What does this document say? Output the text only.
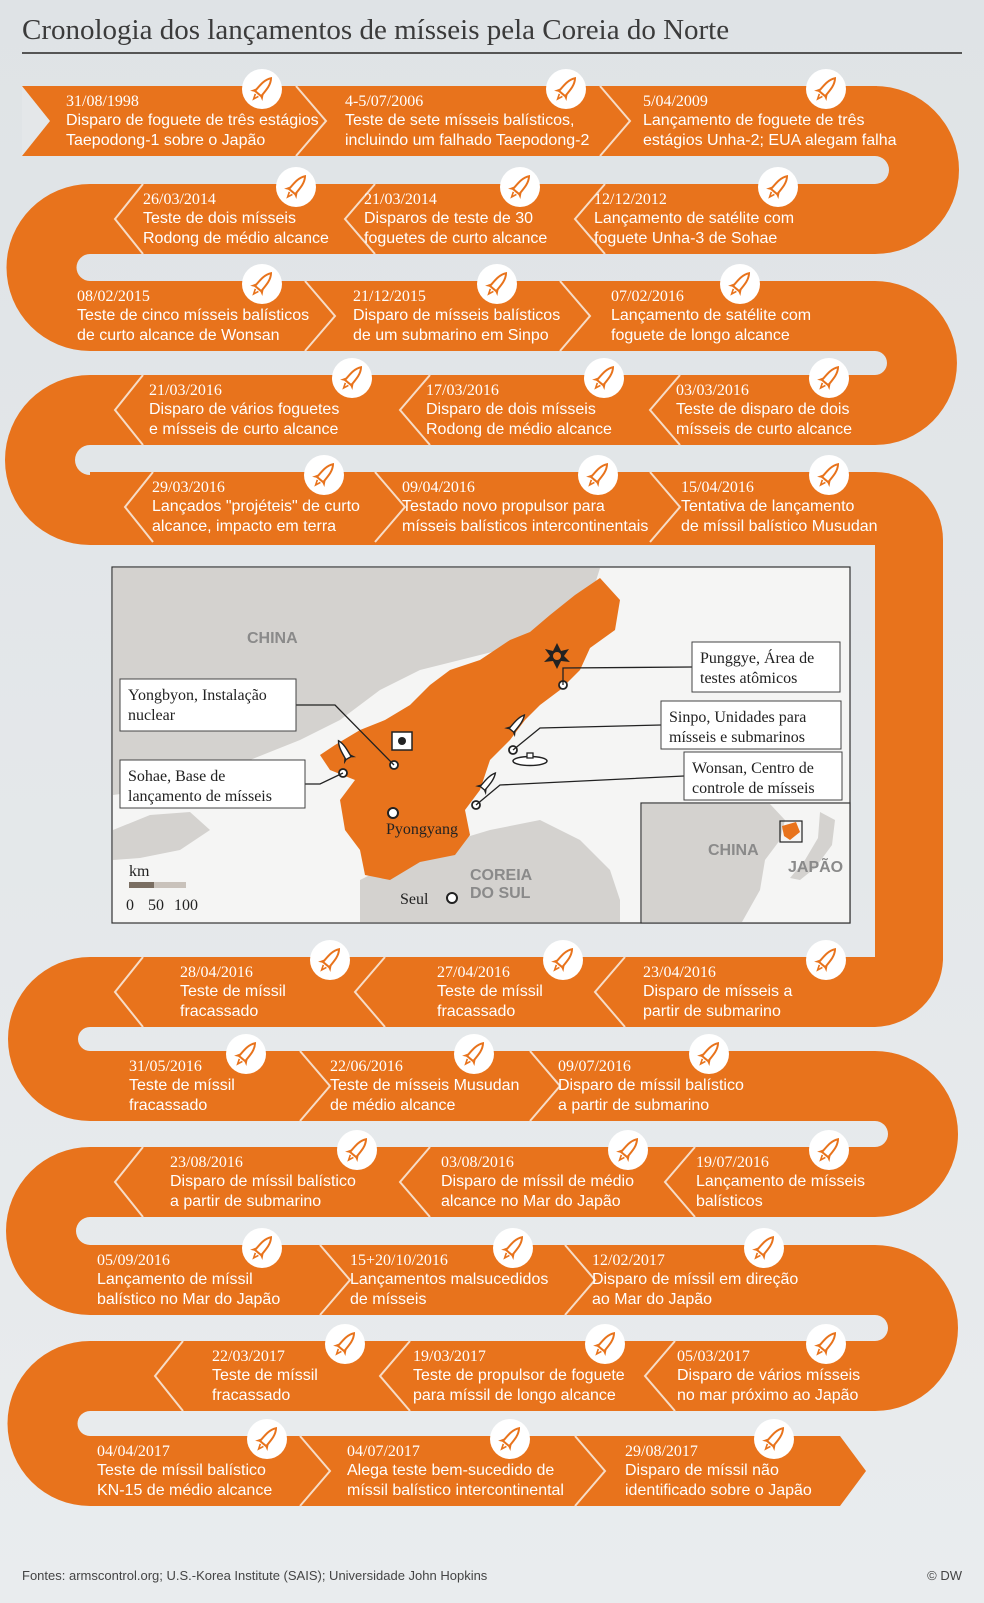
Cronologia dos lançamentos de mísseis pela Coreia do Norte
CHINA
COREIA
DO SUL
Pyongyang
Seul
Yongbyon, Instalação
nuclear
Sohae, Base de
lançamento de mísseis
Punggye, Área de
testes atômicos
Sinpo, Unidades para
mísseis e submarinos
Wonsan, Centro de
controle de mísseis
km
0 50 100
CHINA
JAPÃO
31/08/1998
Disparo de foguete de três estágios
Taepodong-1 sobre o Japão
4-5/07/2006
Teste de sete mísseis balísticos,
incluindo um falhado Taepodong-2
5/04/2009
Lançamento de foguete de três
estágios Unha-2; EUA alegam falha
26/03/2014
Teste de dois mísseis
Rodong de médio alcance
21/03/2014
Disparos de teste de 30
foguetes de curto alcance
12/12/2012
Lançamento de satélite com
foguete Unha-3 de Sohae
08/02/2015
Teste de cinco mísseis balísticos
de curto alcance de Wonsan
21/12/2015
Disparo de mísseis balísticos
de um submarino em Sinpo
07/02/2016
Lançamento de satélite com
foguete de longo alcance
21/03/2016
Disparo de vários foguetes
e mísseis de curto alcance
17/03/2016
Disparo de dois mísseis
Rodong de médio alcance
03/03/2016
Teste de disparo de dois
mísseis de curto alcance
29/03/2016
Lançados "projéteis" de curto
alcance, impacto em terra
09/04/2016
Testado novo propulsor para
mísseis balísticos intercontinentais
15/04/2016
Tentativa de lançamento
de míssil balístico Musudan
28/04/2016
Teste de míssil
fracassado
27/04/2016
Teste de míssil
fracassado
23/04/2016
Disparo de mísseis a
partir de submarino
31/05/2016
Teste de míssil
fracassado
22/06/2016
Teste de mísseis Musudan
de médio alcance
09/07/2016
Disparo de míssil balístico
a partir de submarino
23/08/2016
Disparo de míssil balístico
a partir de submarino
03/08/2016
Disparo de míssil de médio
alcance no Mar do Japão
19/07/2016
Lançamento de mísseis
balísticos
05/09/2016
Lançamento de míssil
balístico no Mar do Japão
15+20/10/2016
Lançamentos malsucedidos
de mísseis
12/02/2017
Disparo de míssil em direção
ao Mar do Japão
22/03/2017
Teste de míssil
fracassado
19/03/2017
Teste de propulsor de foguete
para míssil de longo alcance
05/03/2017
Disparo de vários mísseis
no mar próximo ao Japão
04/04/2017
Teste de míssil balístico
KN-15 de médio alcance
04/07/2017
Alega teste bem-sucedido de
míssil balístico intercontinental
29/08/2017
Disparo de míssil não
identificado sobre o Japão
Fontes: armscontrol.org; U.S.-Korea Institute (SAIS); Universidade John Hopkins	© DW
